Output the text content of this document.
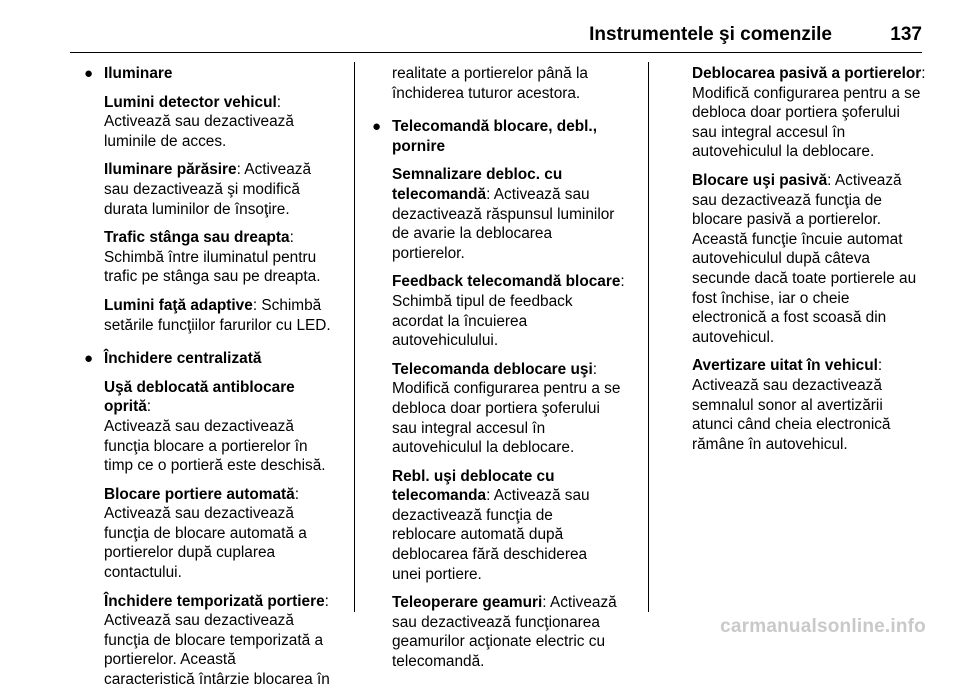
Instrumentele şi comenzile	137
● Iluminare
Lumini detector vehicul:
Activează sau dezactivează
luminile de acces.
Iluminare părăsire: Activează
sau dezactivează şi modifică
durata luminilor de însoţire.
Trafic stânga sau dreapta:
Schimbă între iluminatul pentru
trafic pe stânga sau pe dreapta.
Lumini faţă adaptive: Schimbă
setările funcţiilor farurilor cu LED.
● Închidere centralizată
Uşă deblocată antiblocare oprită:
Activează sau dezactivează
funcţia blocare a portierelor în
timp ce o portieră este deschisă.
Blocare portiere automată:
Activează sau dezactivează
funcţia de blocare automată a
portierelor după cuplarea
contactului.
Închidere temporizată portiere:
Activează sau dezactivează
funcţia de blocare temporizată a
portierelor. Această
caracteristică întârzie blocarea în
realitate a portierelor până la
închiderea tuturor acestora.
● Telecomandă blocare, debl.,
pornire
Semnalizare debloc. cu
telecomandă: Activează sau
dezactivează răspunsul luminilor
de avarie la deblocarea
portierelor.
Feedback telecomandă blocare:
Schimbă tipul de feedback
acordat la încuierea
autovehiculului.
Telecomanda deblocare uşi:
Modifică configurarea pentru a se
debloca doar portiera şoferului
sau integral accesul în
autovehiculul la deblocare.
Rebl. uşi deblocate cu
telecomanda: Activează sau
dezactivează funcţia de
reblocare automată după
deblocarea fără deschiderea
unei portiere.
Teleoperare geamuri: Activează
sau dezactivează funcţionarea
geamurilor acţionate electric cu
telecomandă.
Deblocarea pasivă a portierelor:
Modifică configurarea pentru a se
debloca doar portiera şoferului
sau integral accesul în
autovehiculul la deblocare.
Blocare uşi pasivă: Activează
sau dezactivează funcţia de
blocare pasivă a portierelor.
Această funcţie încuie automat
autovehiculul după câteva
secunde dacă toate portierele au
fost închise, iar o cheie
electronică a fost scoasă din
autovehicul.
Avertizare uitat în vehicul:
Activează sau dezactivează
semnalul sonor al avertizării
atunci când cheia electronică
rămâne în autovehicul.
carmanualsonline.info
